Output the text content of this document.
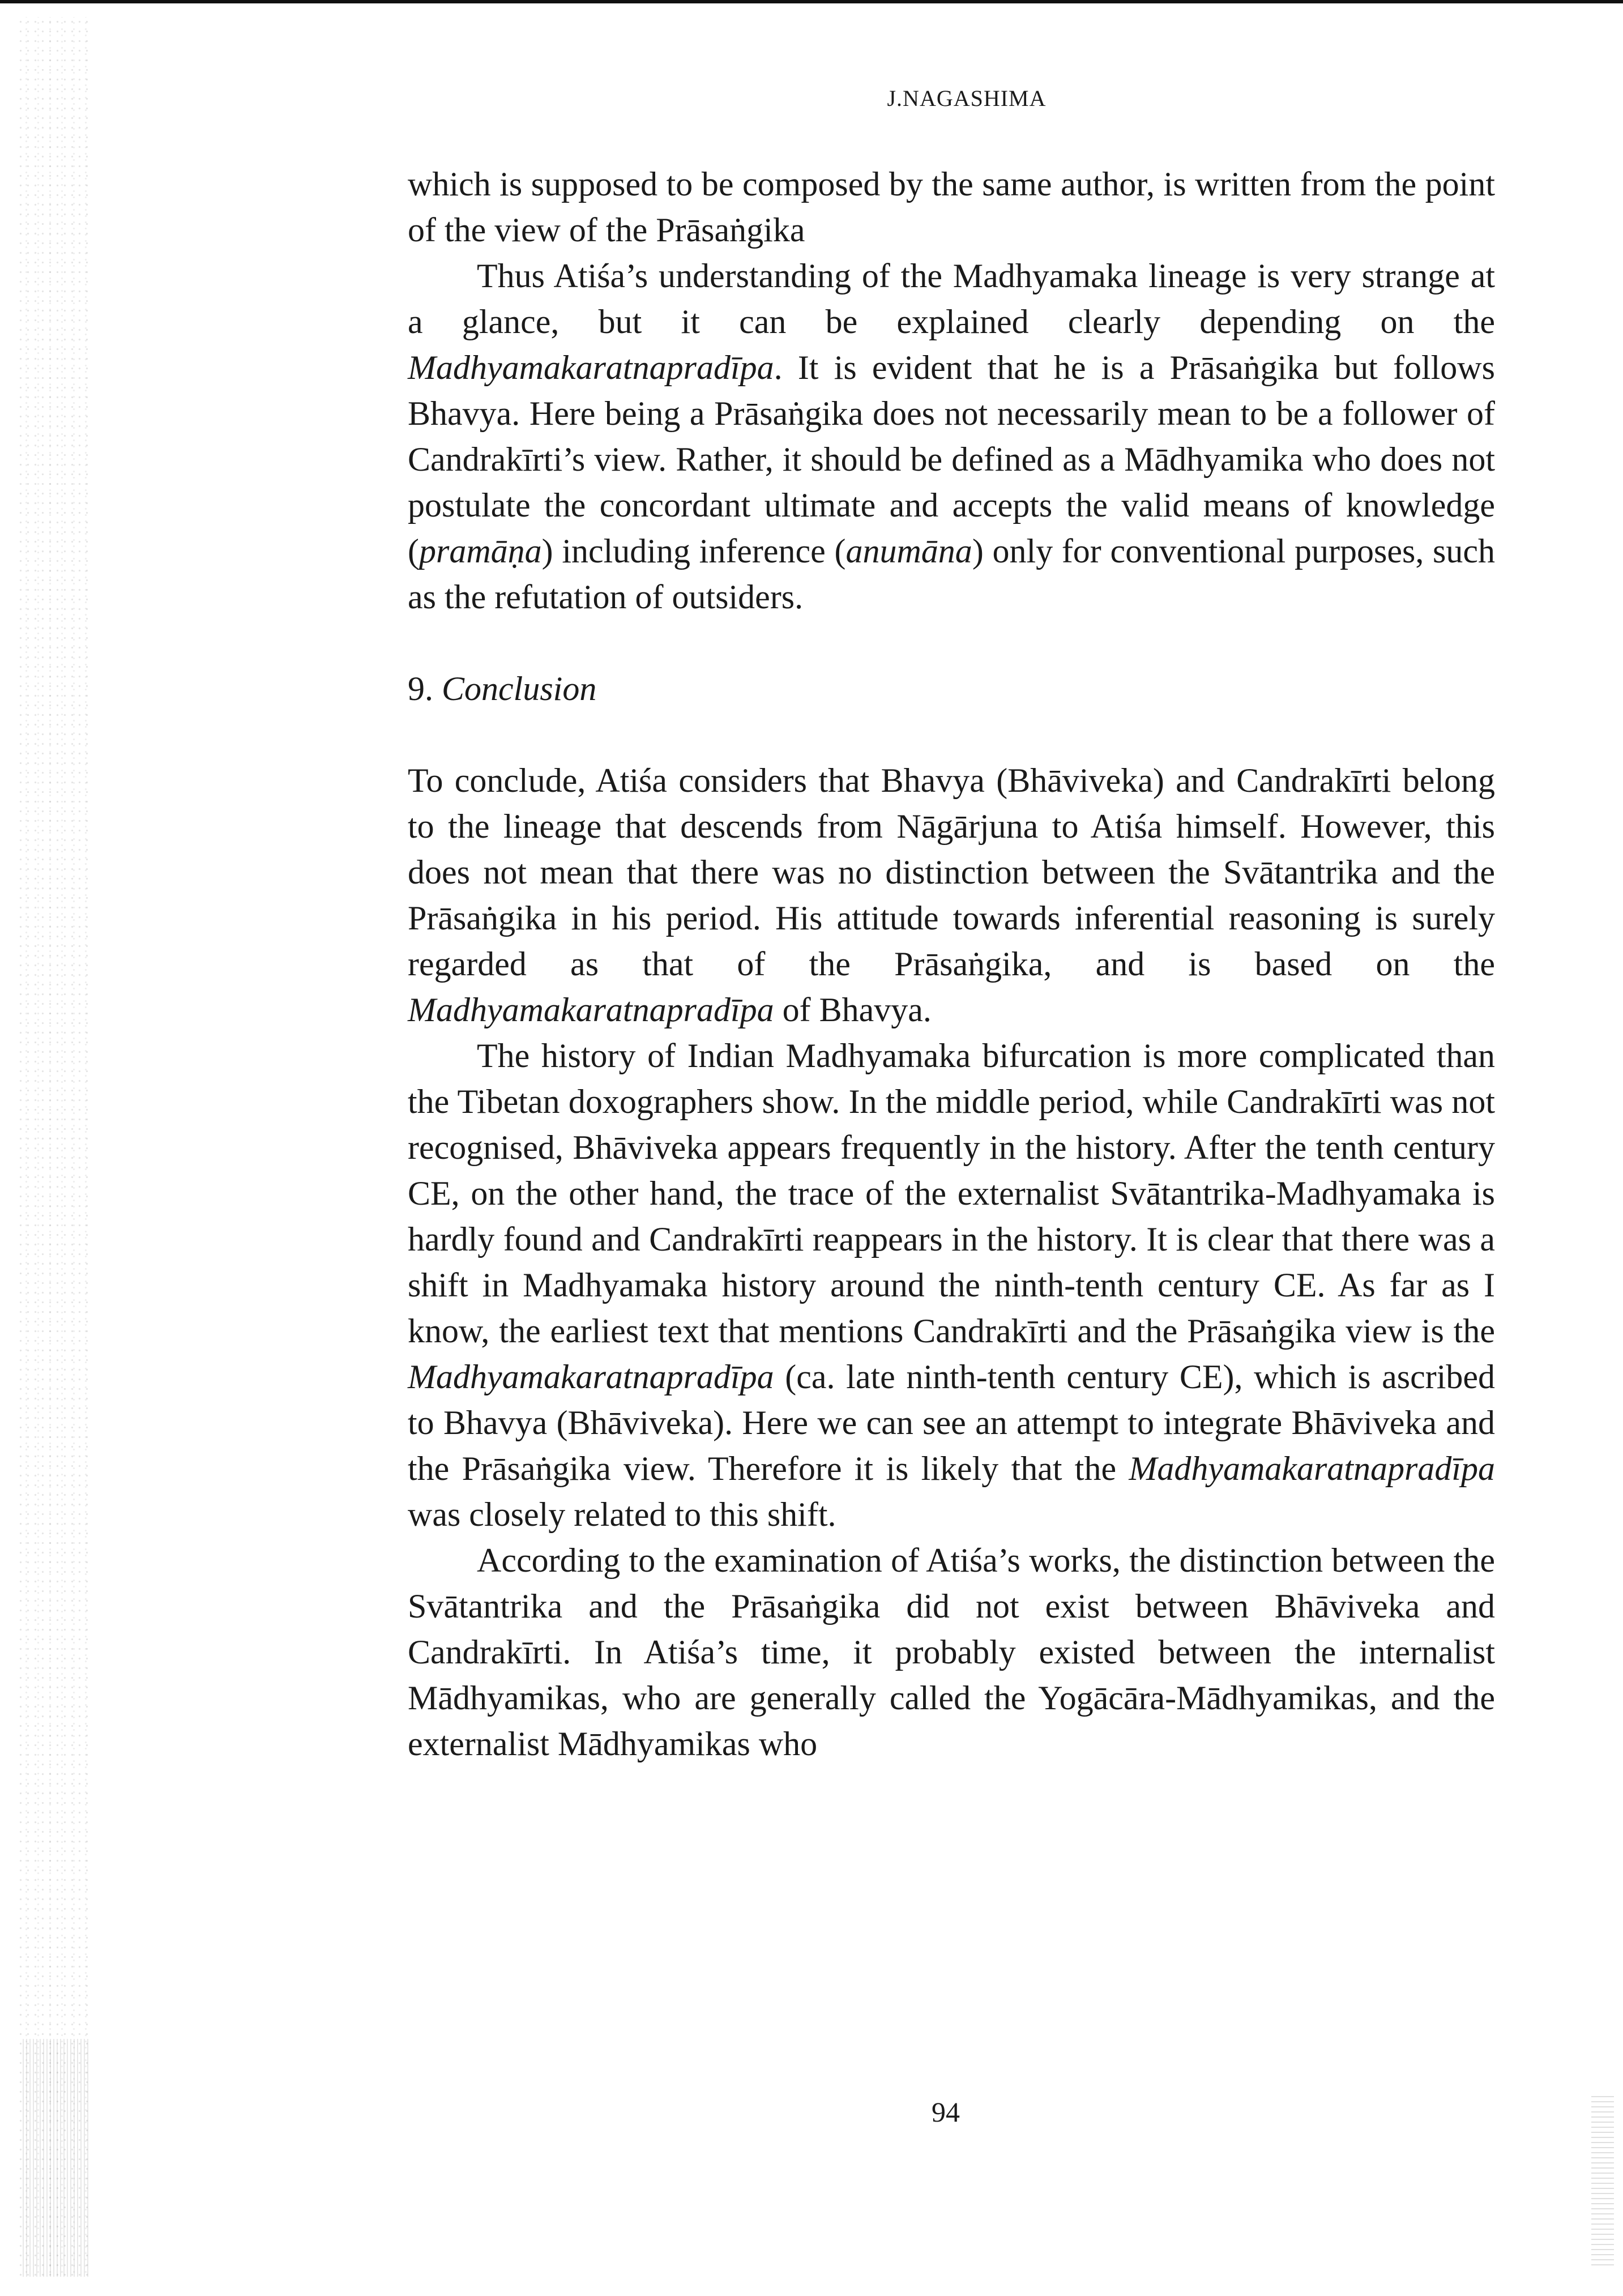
J.NAGASHIMA

which is supposed to be composed by the same author, is written from the point of the view of the Prāsaṅgika

Thus Atiśa’s understanding of the Madhyamaka lineage is very strange at a glance, but it can be explained clearly depending on the Madhyamakaratnapradīpa. It is evident that he is a Prāsaṅgika but follows Bhavya. Here being a Prāsaṅgika does not necessarily mean to be a follower of Candrakīrti’s view. Rather, it should be defined as a Mādhyamika who does not postulate the concordant ultimate and accepts the valid means of knowledge (pramāṇa) including inference (anumāna) only for conventional purposes, such as the refutation of outsiders.

9. Conclusion

To conclude, Atiśa considers that Bhavya (Bhāviveka) and Candrakīrti belong to the lineage that descends from Nāgārjuna to Atiśa himself. However, this does not mean that there was no distinction between the Svātantrika and the Prāsaṅgika in his period. His attitude towards inferential reasoning is surely regarded as that of the Prāsaṅgika, and is based on the Madhyamakaratnapradīpa of Bhavya.

The history of Indian Madhyamaka bifurcation is more complicated than the Tibetan doxographers show. In the middle period, while Candrakīrti was not recognised, Bhāviveka appears frequently in the history. After the tenth century CE, on the other hand, the trace of the externalist Svātantrika-Madhyamaka is hardly found and Candrakīrti reappears in the history. It is clear that there was a shift in Madhyamaka history around the ninth-tenth century CE. As far as I know, the earliest text that mentions Candrakīrti and the Prāsaṅgika view is the Madhyamakaratnapradīpa (ca. late ninth-tenth century CE), which is ascribed to Bhavya (Bhāviveka). Here we can see an attempt to integrate Bhāviveka and the Prāsaṅgika view. Therefore it is likely that the Madhyamakaratnapradīpa was closely related to this shift.

According to the examination of Atiśa’s works, the distinction between the Svātantrika and the Prāsaṅgika did not exist between Bhāviveka and Candrakīrti. In Atiśa’s time, it probably existed between the internalist Mādhyamikas, who are generally called the Yogācāra-Mādhyamikas, and the externalist Mādhyamikas who

94
